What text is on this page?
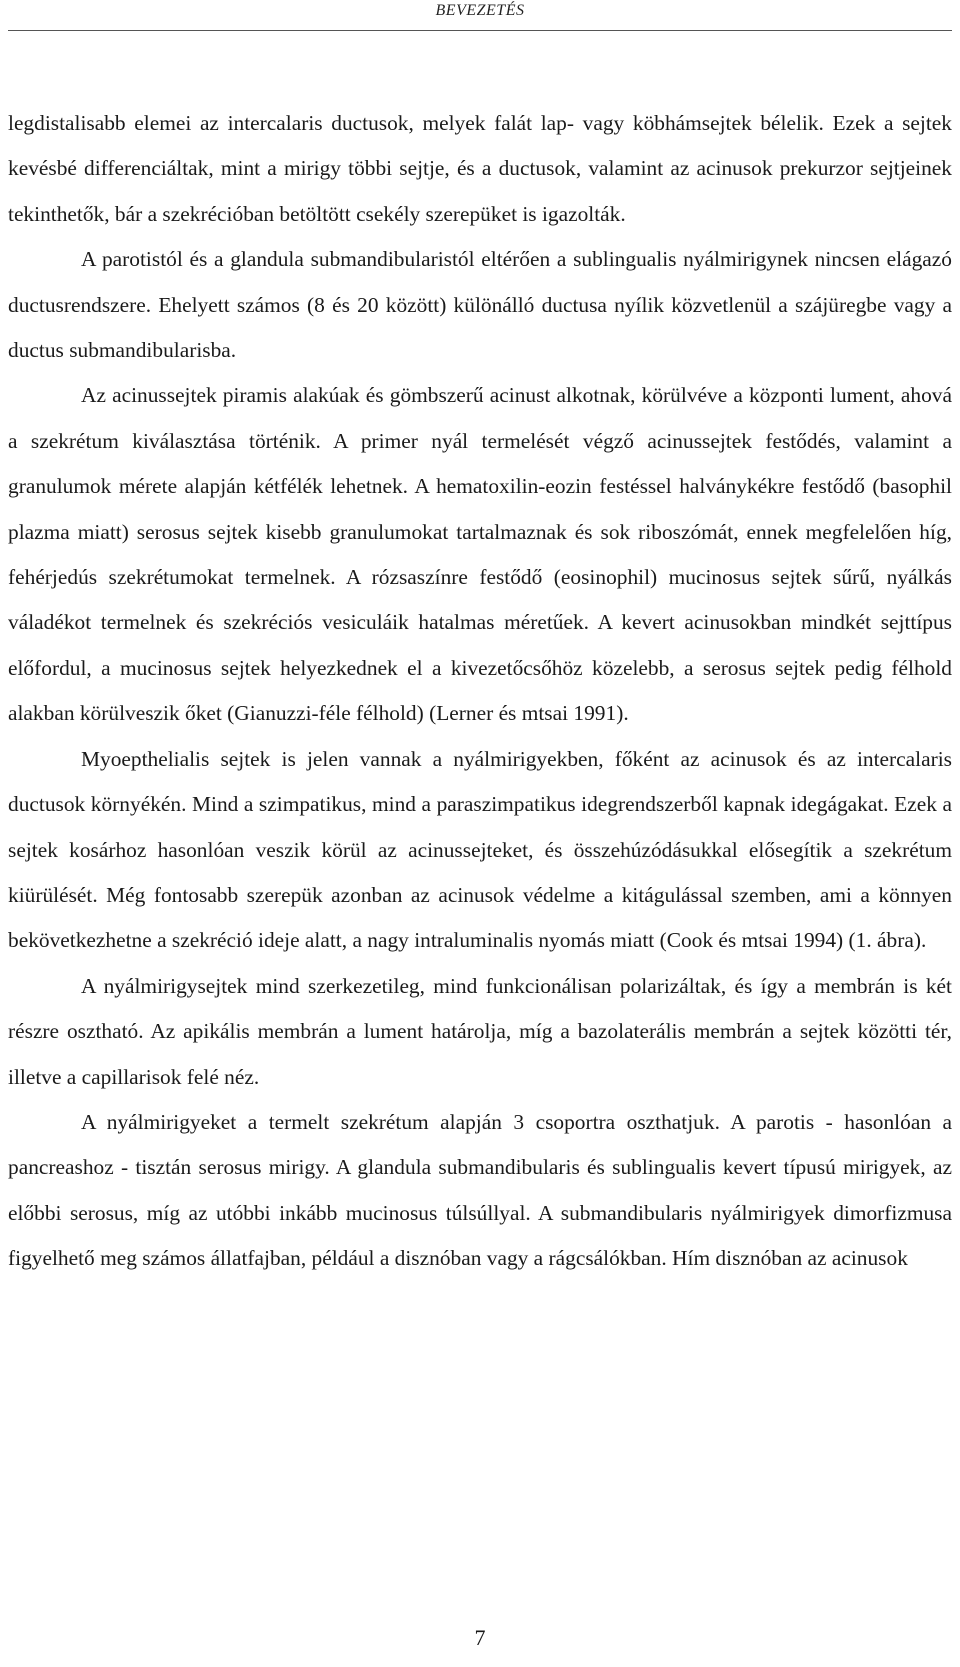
BEVEZETÉS

legdistalisabb elemei az intercalaris ductusok, melyek falát lap- vagy köbhámsejtek bélelik. Ezek a sejtek kevésbé differenciáltak, mint a mirigy többi sejtje, és a ductusok, valamint az acinusok prekurzor sejtjeinek tekinthetők, bár a szekrécióban betöltött csekély szerepüket is igazolták.

A parotistól és a glandula submandibularistól eltérően a sublingualis nyálmirigynek nincsen elágazó ductusrendszere. Ehelyett számos (8 és 20 között) különálló ductusa nyílik közvetlenül a szájüregbe vagy a ductus submandibularisba.

Az acinussejtek piramis alakúak és gömbszerű acinust alkotnak, körülvéve a központi lument, ahová a szekrétum kiválasztása történik. A primer nyál termelését végző acinussejtek festődés, valamint a granulumok mérete alapján kétfélék lehetnek. A hematoxilin-eozin festéssel halványkékre festődő (basophil plazma miatt) serosus sejtek kisebb granulumokat tartalmaznak és sok riboszómát, ennek megfelelően híg, fehérjedús szekrétumokat termelnek. A rózsaszínre festődő (eosinophil) mucinosus sejtek sűrű, nyálkás váladékot termelnek és szekréciós vesiculáik hatalmas méretűek. A kevert acinusokban mindkét sejttípus előfordul, a mucinosus sejtek helyezkednek el a kivezetőcsőhöz közelebb, a serosus sejtek pedig félhold alakban körülveszik őket (Gianuzzi-féle félhold) (Lerner és mtsai 1991).

Myoepthelialis sejtek is jelen vannak a nyálmirigyekben, főként az acinusok és az intercalaris ductusok környékén. Mind a szimpatikus, mind a paraszimpatikus idegrendszerből kapnak idegágakat. Ezek a sejtek kosárhoz hasonlóan veszik körül az acinussejteket, és összehúzódásukkal elősegítik a szekrétum kiürülését. Még fontosabb szerepük azonban az acinusok védelme a kitágulással szemben, ami a könnyen bekövetkezhetne a szekréció ideje alatt, a nagy intraluminalis nyomás miatt (Cook és mtsai 1994) (1. ábra).

A nyálmirigysejtek mind szerkezetileg, mind funkcionálisan polarizáltak, és így a membrán is két részre osztható. Az apikális membrán a lument határolja, míg a bazolaterális membrán a sejtek közötti tér, illetve a capillarisok felé néz.

A nyálmirigyeket a termelt szekrétum alapján 3 csoportra oszthatjuk. A parotis - hasonlóan a pancreashoz - tisztán serosus mirigy. A glandula submandibularis és sublingualis kevert típusú mirigyek, az előbbi serosus, míg az utóbbi inkább mucinosus túlsúllyal. A submandibularis nyálmirigyek dimorfizmusa figyelhető meg számos állatfajban, például a disznóban vagy a rágcsálókban. Hím disznóban az acinusok

7
